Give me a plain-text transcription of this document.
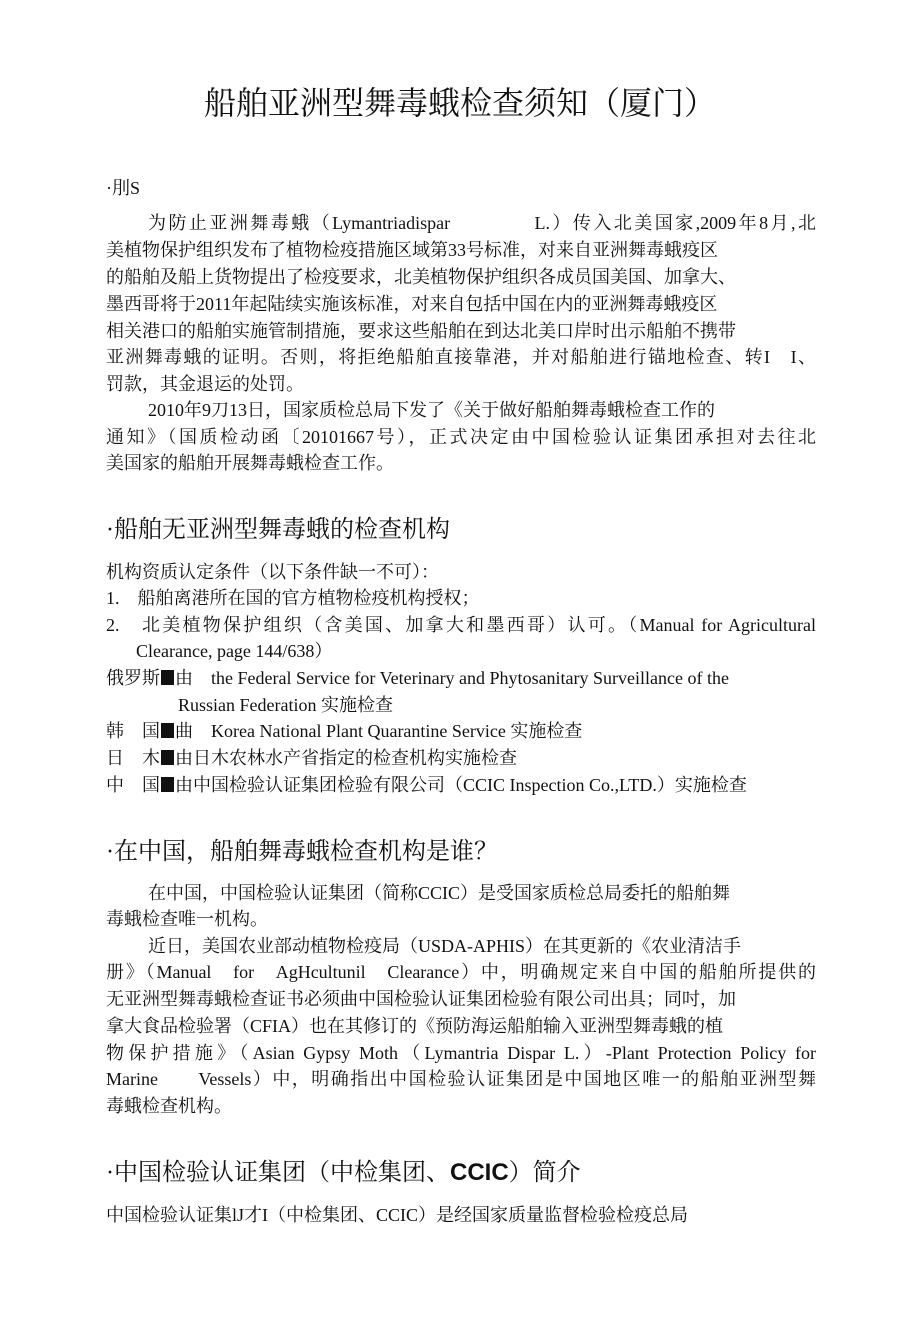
船舶亚洲型舞毒蛾检查须知（厦门）
·刖S
为防止亚洲舞毒蛾（Lymantriadispar　　　　L.）传入北美国家,2009年8月,北
美植物保护组织发布了植物检疫措施区域第33号标准，对来自亚洲舞毒蛾疫区
的船舶及船上货物提出了检疫要求，北美植物保护组织各成员国美国、加拿大、
墨西哥将于2011年起陆续实施该标准，对来自包括中国在内的亚洲舞毒蛾疫区
相关港口的船舶实施管制措施，要求这些船舶在到达北美口岸时出示船舶不携带
亚洲舞毒蛾的证明。否则，将拒绝船舶直接靠港，并对船舶进行锚地检查、转I　I、
罚款，其金退运的处罚。
2010年9刀13日，国家质检总局下发了《关于做好船舶舞毒蛾检查工作的
通知》（国质检动函〔20101667号），正式决定由中国检验认证集团承担对去往北
美国家的船舶开展舞毒蛾检查工作。
·船舶无亚洲型舞毒蛾的检查机构
机构资质认定条件（以下条件缺一不可）：
1.　船舶离港所在国的官方植物检疫机构授权；
2.　北美植物保护组织（含美国、加拿大和墨西哥）认可。（Manual for Agricultural
Clearance, page 144/638）
俄罗斯 由　the Federal Service for Veterinary and Phytosanitary Surveillance of the
Russian Federation 实施检查
韩　国 曲　Korea National Plant Quarantine Service 实施检查
日　木 由日木农林水产省指定的检查机构实施检查
中　国 由中国检验认证集团检验有限公司（CCIC Inspection Co.,LTD.）实施检查
·在中国，船舶舞毒蛾检查机构是谁？
在中国，中国检验认证集团（简称CCIC）是受国家质检总局委托的船舶舞
毒蛾检查唯一机构。
近日，美国农业部动植物检疫局（USDA-APHIS）在其更新的《农业清洁手
册》（Manual　for　AgHcultunil　Clearance）中，明确规定来自中国的船舶所提供的
无亚洲型舞毒蛾检查证书必须曲中国检验认证集团检验有限公司出具；同吋，加
拿大食品检验署（CFIA）也在其修订的《预防海运船舶输入亚洲型舞毒蛾的植
物保护措施》（Asian Gypsy Moth（Lymantria Dispar L.）-Plant Protection Policy for
Marine　　Vessels）中，明确指出中国检验认证集团是中国地区唯一的船舶亚洲型舞
毒蛾检查机构。
·中国检验认证集团（中检集团、CCIC）简介
中国检验认证集lJ才I（中检集团、CCIC）是经国家质量监督检验检疫总局
